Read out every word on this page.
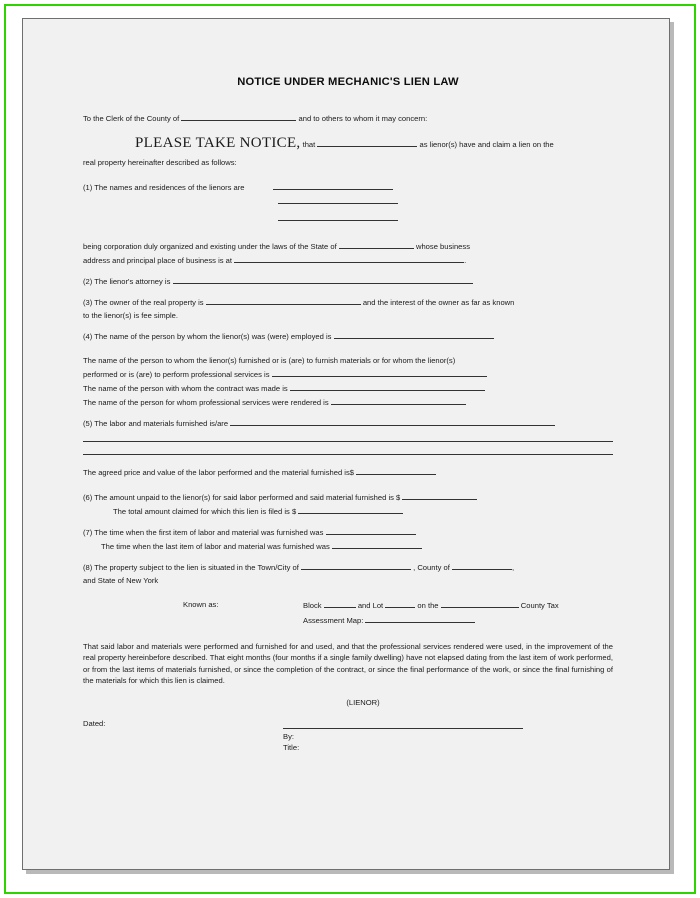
NOTICE UNDER MECHANIC'S LIEN LAW
To the Clerk of the County of	and to others to whom it may concern:
PLEASE TAKE NOTICE, that	as lienor(s) have and claim a lien on the
real property hereinafter described as follows:
(1) The names and residences of the lienors are

being corporation duly organized and existing under the laws of the State of	whose business
address and principal place of business is at	.
(2) The lienor's attorney is
(3) The owner of the real property is	and the interest of the owner as far as known
to the lienor(s) is fee simple.
(4) The name of the person by whom the lienor(s) was (were) employed is
The name of the person to whom the lienor(s) furnished or is (are) to furnish materials or for whom the lienor(s)
performed or is (are) to perform professional services is
The name of the person with whom the contract was made is
The name of the person for whom professional services were rendered is
(5) The labor and materials furnished is/are
The agreed price and value of the labor performed and the material furnished is$
(6) The amount unpaid to the lienor(s) for said labor performed and said material furnished is $
The total amount claimed for which this lien is filed is $
(7) The time when the first item of labor and material was furnished was
The time when the last item of labor and material was furnished was
(8) The property subject to the lien is situated in the Town/City of	, County of	,
and State of New York
Known as:	Block	and Lot	on the	County Tax
Assessment Map:
That said labor and materials were performed and furnished for and used, and that the professional services rendered were used, in the improvement of the real property hereinbefore described. That eight months (four months if a single family dwelling) have not elapsed dating from the last item of work performed, or from the last items of materials furnished, or since the completion of the contract, or since the final performance of the work, or since the final furnishing of the materials for which this lien is claimed.
(LIENOR)
Dated:
By:
Title:
